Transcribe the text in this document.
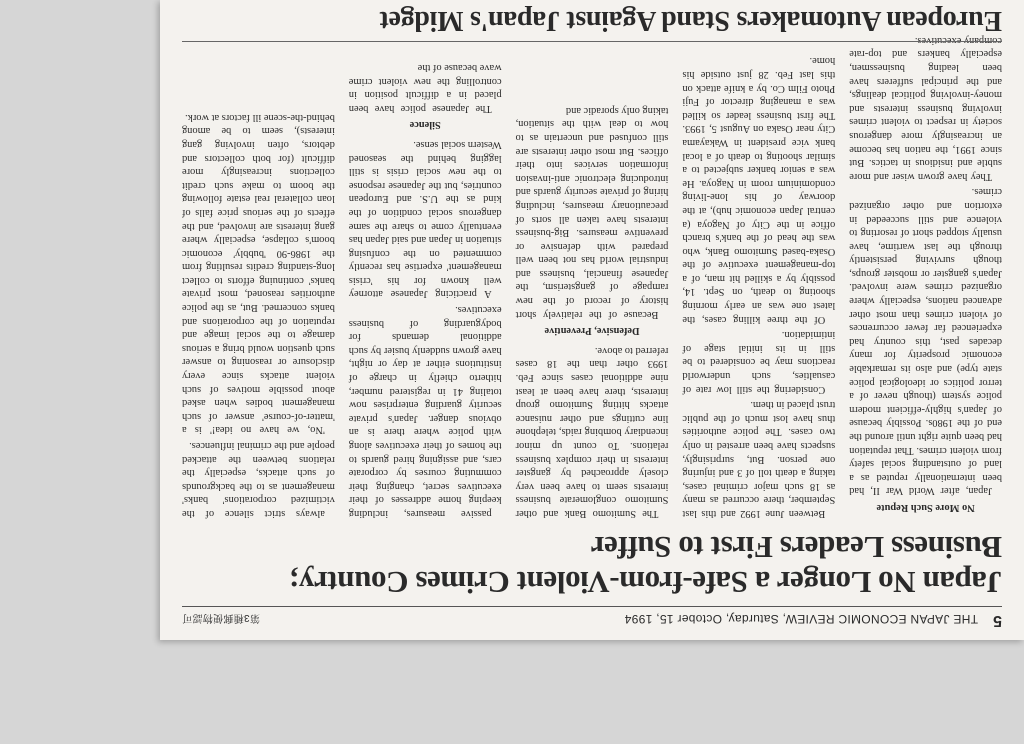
5
THE JAPAN ECONOMIC REVIEW, Saturday, October 15, 1994
第3種郵便物認可
Japan No Longer a Safe-from-Violent Crimes Country; Business Leaders First to Suffer

No More Such Repute

Japan, after World War II, had been internationally reputed as a land of outstanding social safety from violent crimes. That reputation had been quite right until around the end of the 1980s. Possibly because of Japan's highly-efficient modern police system (though never of a terror politics or ideological police state type) and also its remarkable economic prosperity for many decades past, this country had experienced far fewer occurrences of violent crimes than most other advanced nations, especially where organized crimes were involved. Japan's gangster or mobster groups, though surviving persistently through the last wartime, have usually stopped short of resorting to violence and still succeeded in extortion and other organized crimes.

They have grown wiser and more subtle and insidious in tactics. But since 1991, the nation has become an increasingly more dangerous society in respect to violent crimes involving business interests and money-involving political dealings, and the principal sufferers have been leading businessmen, especially bankers and top-rate company executives.

Between June 1992 and this last September, there occurred as many as 18 such major criminal cases, taking a death toll of 3 and injuring one person. But, surprisingly, suspects have been arrested in only two cases. The police authorities thus have lost much of the public trust placed in them.

Considering the still low rate of casualties, such underworld reactions may be considered to be still in its initial stage of intimidation.

Of the three killing cases, the latest one was an early morning shooting to death, on Sept. 14, possibly by a skilled hit man, of a top-management executive of the Osaka-based Sumitomo Bank, who was the head of the bank's branch office in the City of Nagoya (a central Japan economic hub), at the doorway of his lone-living condominium room in Nagoya. He was a senior banker subjected to a similar shooting to death of a local bank vice president in Wakayama City near Osaka on August 5, 1993. The first business leader so killed was a managing director of Fuji Photo Film Co. by a knife attack on this last Feb. 28 just outside his home.

The Sumitomo Bank and other Sumitomo conglomerate business interests seem to have been very closely approached by gangster interests in their complex business relations. To count up minor incendiary bombing raids, telephone line cuttings and other nuisance attacks hitting Sumitomo group interests, there have been at least nine additional cases since Feb. 1993 other than the 18 cases referred to above.

Defensive, Preventive

Because of the relatively short history of record of the new rampage of gangsterism, the Japanese financial, business and industrial world has not been well prepared with defensive or preventive measures. Big-business interests have taken all sorts of precautionary measures, including hiring of private security guards and introducing electronic anti-invasion information services into their offices. But most other interests are still confused and uncertain as to how to deal with the situation, taking only sporadic and

passive measures, including keeping home addresses of their executives secret, changing their commuting courses by corporate cars, and assigning hired guards to the homes of their executives along with police where there is an obvious danger. Japan's private security guarding enterprises now totaling 41 in registered number, hitherto chiefly in charge of institutions either at day or night, have grown suddenly busier by such additional demands for bodyguarding of business executives.

A practicing Japanese attorney well known for his 'crisis management' expertise has recently commented on the confusing situation in Japan and said Japan has eventually come to share the same dangerous social condition of the kind as the U.S. and European countries, but the Japanese response to the new social crisis is still lagging behind the seasoned Western social sense.

Silence

The Japanese police have been placed in a difficult position in controlling the new violent crime wave because of the

always strict silence of the victimized corporations' banks' management as to the backgrounds of such attacks, especially the relations between the attacked people and the criminal influences.

'No, we have no idea!' is a 'matter-of-course' answer of such management bodies when asked about possible motives of such violent attacks since every disclosure or reasoning to answer such question would bring a serious damage to the social image and reputation of the corporations and banks concerned. But, as the police authorities reasoned, most private banks' continuing efforts to collect long-standing credits resulting from the 1986-90 'bubbly' economic boom's collapse, especially where gang interests are involved, and the effects of the serious price falls of loan collateral real estate following the boom to make such credit collections increasingly more difficult (for both collectors and debtors, often involving gang interests), seem to be among behind-the-scene ill factors at work.

European Automakers Stand Against Japan's Midget
